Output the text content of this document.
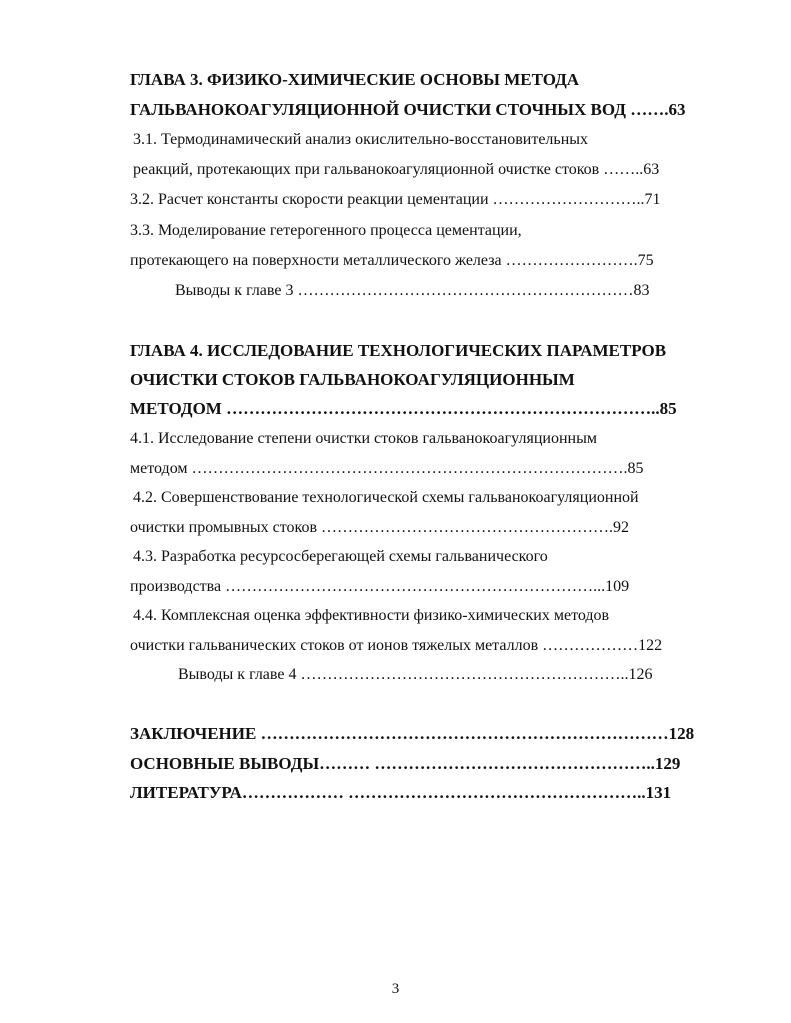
ГЛАВА 3. ФИЗИКО-ХИМИЧЕСКИЕ ОСНОВЫ МЕТОДА
ГАЛЬВАНОКОАГУЛЯЦИОННОЙ ОЧИСТКИ СТОЧНЫХ ВОД …….63
3.1. Термодинамический анализ окислительно-восстановительных
реакций, протекающих при гальванокоагуляционной очистке стоков ……..63
3.2. Расчет константы скорости реакции цементации ………………………..71
3.3. Моделирование гетерогенного процесса цементации,
протекающего на поверхности металлического железа …………………….75
Выводы к главе 3 ………………………………………………………83
ГЛАВА 4. ИССЛЕДОВАНИЕ ТЕХНОЛОГИЧЕСКИХ ПАРАМЕТРОВ
ОЧИСТКИ СТОКОВ ГАЛЬВАНОКОАГУЛЯЦИОННЫМ
МЕТОДОМ …………………………………………………………………..85
4.1. Исследование степени очистки стоков гальванокоагуляционным
методом ……………………………………………………………………….85
4.2. Совершенствование технологической схемы гальванокоагуляционной
очистки промывных стоков ……………………………………………….92
4.3. Разработка ресурсосберегающей схемы гальванического
производства ……………………………………………………………...109
4.4. Комплексная оценка эффективности физико-химических методов
очистки гальванических стоков от ионов тяжелых металлов ………………122
Выводы к главе 4 ……………………………………………………..126
ЗАКЛЮЧЕНИЕ ………………………………………………………………128
ОСНОВНЫЕ ВЫВОДЫ……… …………………………………………..129
ЛИТЕРАТУРА……………… ……………………………………………..131
3
